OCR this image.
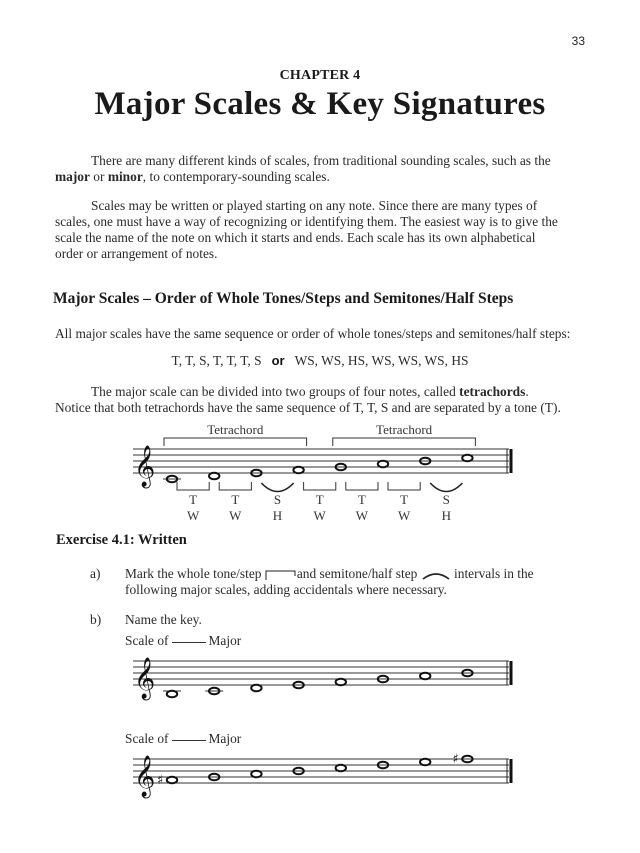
33
CHAPTER 4
Major Scales & Key Signatures
There are many different kinds of scales, from traditional sounding scales, such as the
major or minor, to contemporary-sounding scales.
Scales may be written or played starting on any note. Since there are many types of
scales, one must have a way of recognizing or identifying them. The easiest way is to give the
scale the name of the note on which it starts and ends. Each scale has its own alphabetical
order or arrangement of notes.
Major Scales – Order of Whole Tones/Steps and Semitones/Half Steps
All major scales have the same sequence or order of whole tones/steps and semitones/half steps:
T, T, S, T, T, T, S or WS, WS, HS, WS, WS, WS, HS
The major scale can be divided into two groups of four notes, called tetrachords.
Notice that both tetrachords have the same sequence of T, T, S and are separated by a tone (T).
𝄞
Tetrachord	Tetrachord
T
W
T
W
S
H
T
W
T
W
T
W
S
H
𝄞
𝄞 ♯
♯
Exercise 4.1: Written
a) Mark the whole tone/step	and semitone/half step	intervals in the
following major scales, adding accidentals where necessary.
b) Name the key.
Scale of	Major
Scale of	Major
